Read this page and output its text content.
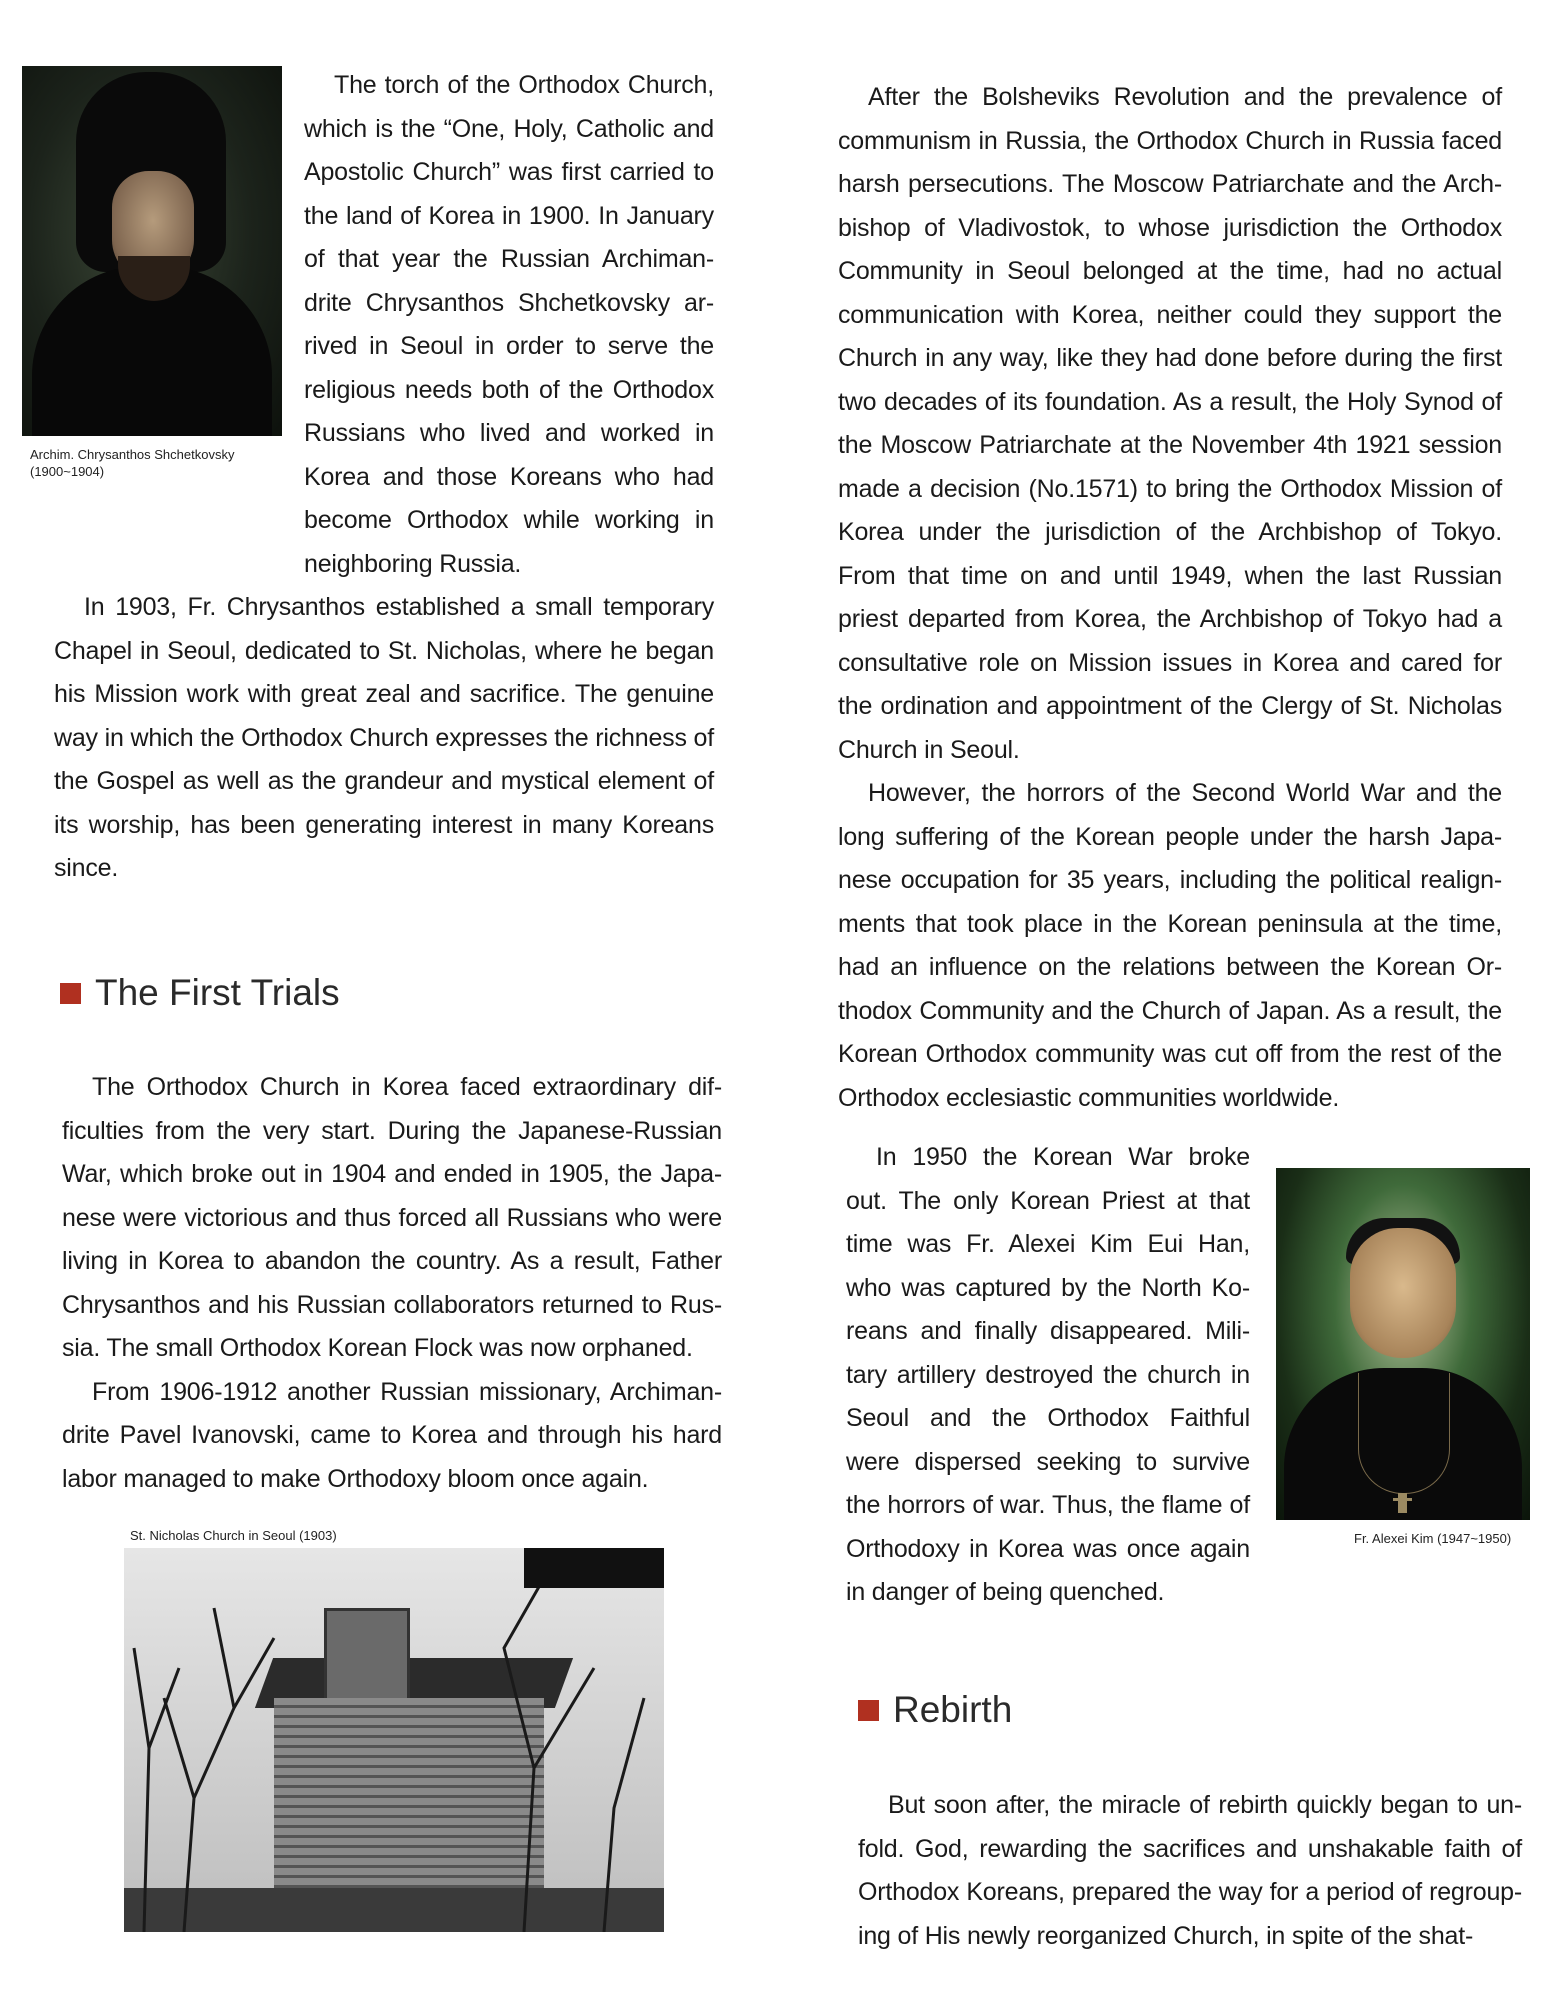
Archim. Chrysanthos Shchetkovsky (1900~1904)

The torch of the Orthodox Church, which is the “One, Holy, Catholic and Apostolic Church” was first carried to the land of Korea in 1900. In January of that year the Russian Archiman-drite Chrysanthos Shchetkovsky ar-rived in Seoul in order to serve the religious needs both of the Orthodox Russians who lived and worked in Korea and those Koreans who had become Orthodox while working in neighboring Russia.

In 1903, Fr. Chrysanthos established a small temporary Chapel in Seoul, dedicated to St. Nicholas, where he began his Mission work with great zeal and sacrifice. The genuine way in which the Orthodox Church expresses the richness of the Gospel as well as the grandeur and mystical element of its worship, has been generating interest in many Koreans since.

The First Trials

The Orthodox Church in Korea faced extraordinary dif-ficulties from the very start. During the Japanese-Russian War, which broke out in 1904 and ended in 1905, the Japa-nese were victorious and thus forced all Russians who were living in Korea to abandon the country. As a result, Father Chrysanthos and his Russian collaborators returned to Rus-sia. The small Orthodox Korean Flock was now orphaned.

From 1906-1912 another Russian missionary, Archiman-drite Pavel Ivanovski, came to Korea and through his hard labor managed to make Orthodoxy bloom once again.

St. Nicholas Church in Seoul (1903)

After the Bolsheviks Revolution and the prevalence of communism in Russia, the Orthodox Church in Russia faced harsh persecutions. The Moscow Patriarchate and the Arch-bishop of Vladivostok, to whose jurisdiction the Orthodox Community in Seoul belonged at the time, had no actual communication with Korea, neither could they support the Church in any way, like they had done before during the first two decades of its foundation. As a result, the Holy Synod of the Moscow Patriarchate at the November 4th 1921 session made a decision (No.1571) to bring the Orthodox Mission of Korea under the jurisdiction of the Archbishop of Tokyo. From that time on and until 1949, when the last Russian priest departed from Korea, the Archbishop of Tokyo had a consultative role on Mission issues in Korea and cared for the ordination and appointment of the Clergy of St. Nicholas Church in Seoul.

However, the horrors of the Second World War and the long suffering of the Korean people under the harsh Japa-nese occupation for 35 years, including the political realign-ments that took place in the Korean peninsula at the time, had an influence on the relations between the Korean Or-thodox Community and the Church of Japan. As a result, the Korean Orthodox community was cut off from the rest of the Orthodox ecclesiastic communities worldwide.

In 1950 the Korean War broke out. The only Korean Priest at that time was Fr. Alexei Kim Eui Han, who was captured by the North Ko-reans and finally disappeared. Mili-tary artillery destroyed the church in Seoul and the Orthodox Faithful were dispersed seeking to survive the horrors of war. Thus, the flame of Orthodoxy in Korea was once again in danger of being quenched.

Fr. Alexei Kim (1947~1950)
Rebirth

But soon after, the miracle of rebirth quickly began to un-fold. God, rewarding the sacrifices and unshakable faith of Orthodox Koreans, prepared the way for a period of regroup-ing of His newly reorganized Church, in spite of the shat-
